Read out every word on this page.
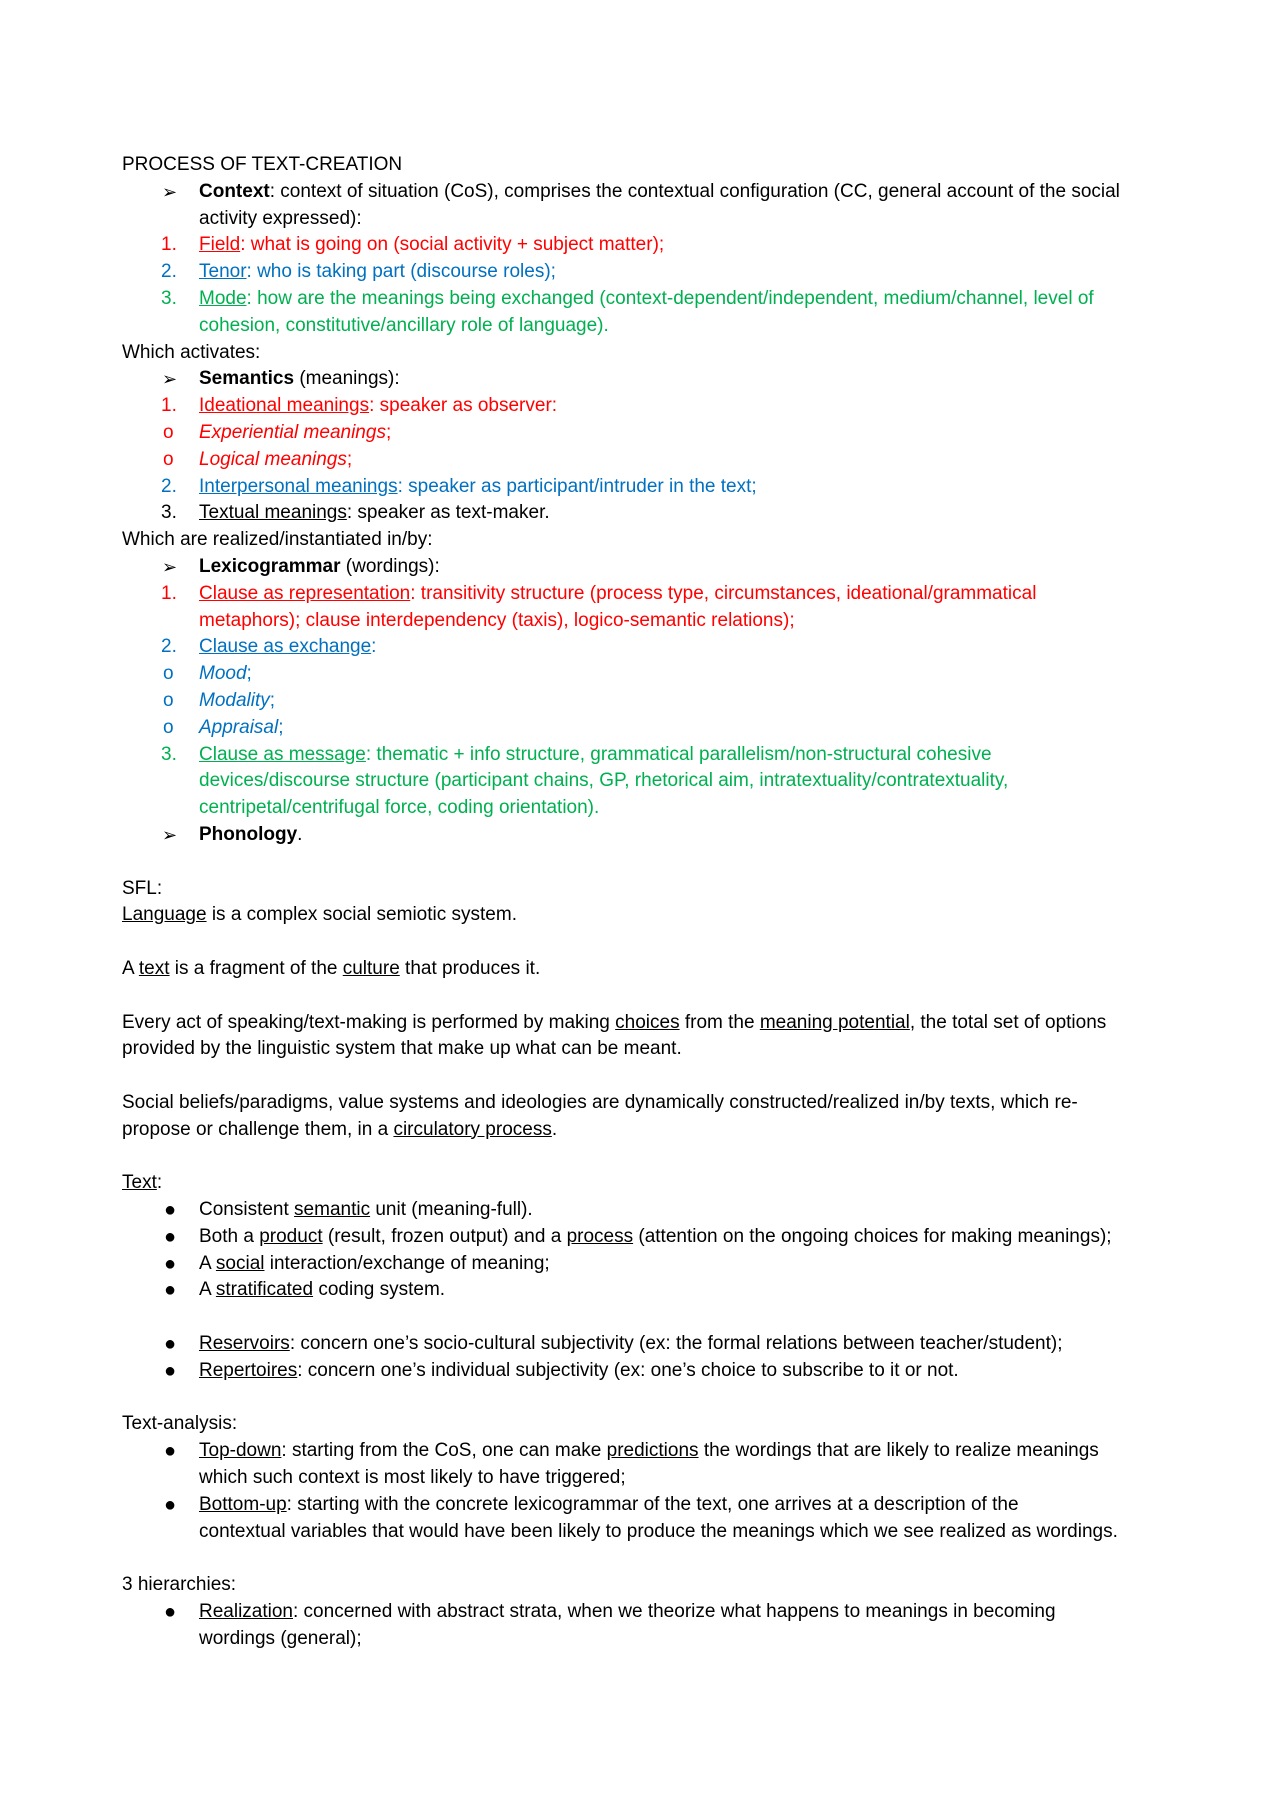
PROCESS OF TEXT-CREATION
➢	Context: context of situation (CoS), comprises the contextual configuration (CC, general account of the social
activity expressed):
1.	Field: what is going on (social activity + subject matter);
2.	Tenor: who is taking part (discourse roles);
3.	Mode: how are the meanings being exchanged (context-dependent/independent, medium/channel, level of
cohesion, constitutive/ancillary role of language).
Which activates:
➢	Semantics (meanings):
1.	Ideational meanings: speaker as observer:
o	Experiential meanings;
o	Logical meanings;
2.	Interpersonal meanings: speaker as participant/intruder in the text;
3.	Textual meanings: speaker as text-maker.
Which are realized/instantiated in/by:
➢	Lexicogrammar (wordings):
1.	Clause as representation: transitivity structure (process type, circumstances, ideational/grammatical
metaphors); clause interdependency (taxis), logico-semantic relations);
2.	Clause as exchange:
o	Mood;
o	Modality;
o	Appraisal;
3.	Clause as message: thematic + info structure, grammatical parallelism/non-structural cohesive
devices/discourse structure (participant chains, GP, rhetorical aim, intratextuality/contratextuality,
centripetal/centrifugal force, coding orientation).
➢	Phonology.
SFL:
Language is a complex social semiotic system.
A text is a fragment of the culture that produces it.
Every act of speaking/text-making is performed by making choices from the meaning potential, the total set of options
provided by the linguistic system that make up what can be meant.
Social beliefs/paradigms, value systems and ideologies are dynamically constructed/realized in/by texts, which re-
propose or challenge them, in a circulatory process.
Text:
●	Consistent semantic unit (meaning-full).
●	Both a product (result, frozen output) and a process (attention on the ongoing choices for making meanings);
●	A social interaction/exchange of meaning;
●	A stratificated coding system.
●	Reservoirs: concern one’s socio-cultural subjectivity (ex: the formal relations between teacher/student);
●	Repertoires: concern one’s individual subjectivity (ex: one’s choice to subscribe to it or not.
Text-analysis:
●	Top-down: starting from the CoS, one can make predictions the wordings that are likely to realize meanings
which such context is most likely to have triggered;
●	Bottom-up: starting with the concrete lexicogrammar of the text, one arrives at a description of the
contextual variables that would have been likely to produce the meanings which we see realized as wordings.
3 hierarchies:
●	Realization: concerned with abstract strata, when we theorize what happens to meanings in becoming
wordings (general);
